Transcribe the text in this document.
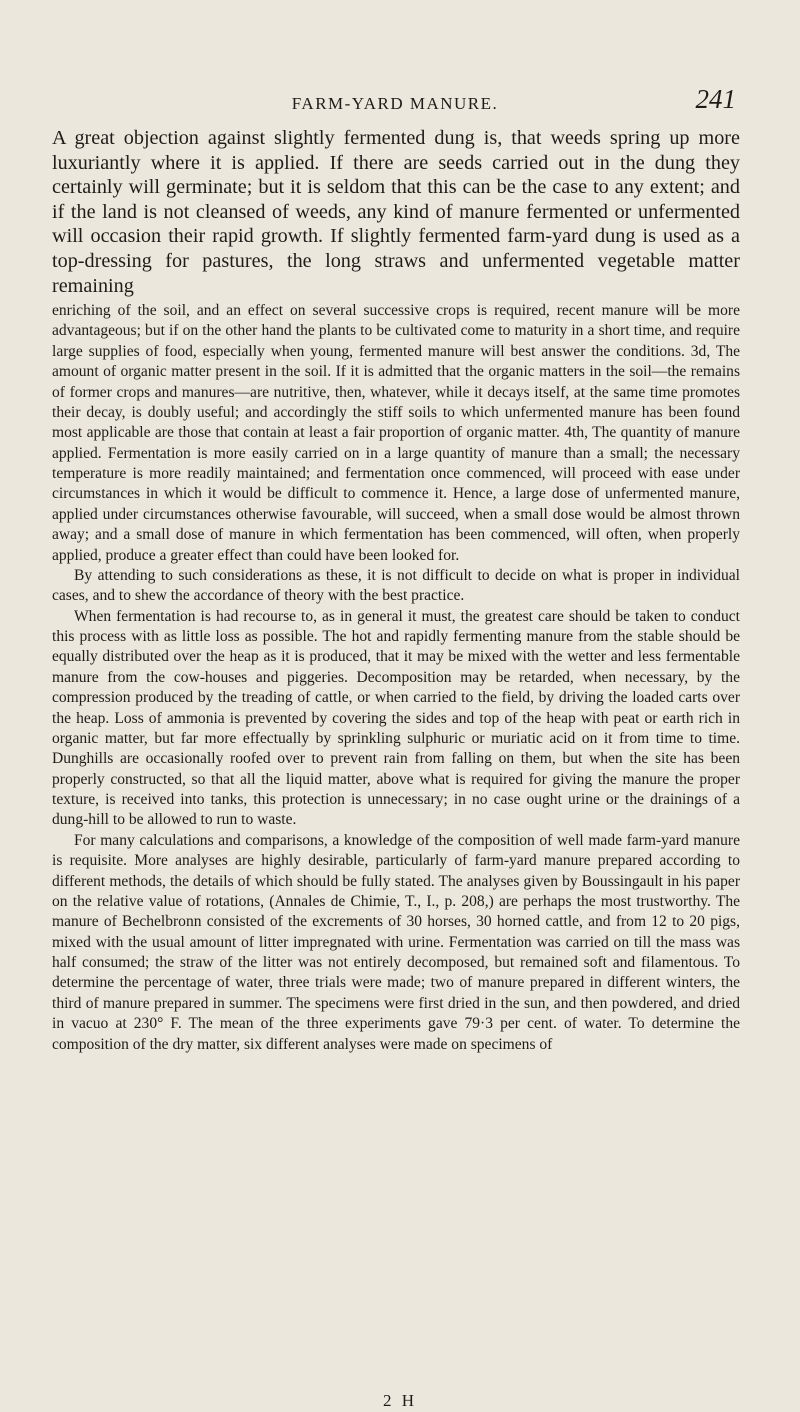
FARM-YARD MANURE.	241

A great objection against slightly fermented dung is, that weeds spring up more luxuriantly where it is applied. If there are seeds carried out in the dung they certainly will germinate; but it is seldom that this can be the case to any extent; and if the land is not cleansed of weeds, any kind of manure fermented or unfermented will occasion their rapid growth. If slightly fermented farm-yard dung is used as a top-dressing for pastures, the long straws and unfermented vegetable matter remaining

enriching of the soil, and an effect on several successive crops is required, recent manure will be more advantageous; but if on the other hand the plants to be cultivated come to maturity in a short time, and require large supplies of food, especially when young, fermented manure will best answer the conditions. 3d, The amount of organic matter present in the soil. If it is admitted that the organic matters in the soil—the remains of former crops and manures—are nutritive, then, whatever, while it decays itself, at the same time promotes their decay, is doubly useful; and accordingly the stiff soils to which unfermented manure has been found most applicable are those that contain at least a fair proportion of organic matter. 4th, The quantity of manure applied. Fermentation is more easily carried on in a large quantity of manure than a small; the necessary temperature is more readily maintained; and fermentation once commenced, will proceed with ease under circumstances in which it would be difficult to commence it. Hence, a large dose of unfermented manure, applied under circumstances otherwise favourable, will succeed, when a small dose would be almost thrown away; and a small dose of manure in which fermentation has been commenced, will often, when properly applied, produce a greater effect than could have been looked for.

By attending to such considerations as these, it is not difficult to decide on what is proper in individual cases, and to shew the accordance of theory with the best practice.

When fermentation is had recourse to, as in general it must, the greatest care should be taken to conduct this process with as little loss as possible. The hot and rapidly fermenting manure from the stable should be equally distributed over the heap as it is produced, that it may be mixed with the wetter and less fermentable manure from the cow-houses and piggeries. Decomposition may be retarded, when necessary, by the compression produced by the treading of cattle, or when carried to the field, by driving the loaded carts over the heap. Loss of ammonia is prevented by covering the sides and top of the heap with peat or earth rich in organic matter, but far more effectually by sprinkling sulphuric or muriatic acid on it from time to time. Dunghills are occasionally roofed over to prevent rain from falling on them, but when the site has been properly constructed, so that all the liquid matter, above what is required for giving the manure the proper texture, is received into tanks, this protection is unnecessary; in no case ought urine or the drainings of a dung-hill to be allowed to run to waste.

For many calculations and comparisons, a knowledge of the composition of well made farm-yard manure is requisite. More analyses are highly desirable, particularly of farm-yard manure prepared according to different methods, the details of which should be fully stated. The analyses given by Boussingault in his paper on the relative value of rotations, (Annales de Chimie, T., I., p. 208,) are perhaps the most trustworthy. The manure of Bechelbronn consisted of the excrements of 30 horses, 30 horned cattle, and from 12 to 20 pigs, mixed with the usual amount of litter impregnated with urine. Fermentation was carried on till the mass was half consumed; the straw of the litter was not entirely decomposed, but remained soft and filamentous. To determine the percentage of water, three trials were made; two of manure prepared in different winters, the third of manure prepared in summer. The specimens were first dried in the sun, and then powdered, and dried in vacuo at 230° F. The mean of the three experiments gave 79·3 per cent. of water. To determine the composition of the dry matter, six different analyses were made on specimens of

2 H
